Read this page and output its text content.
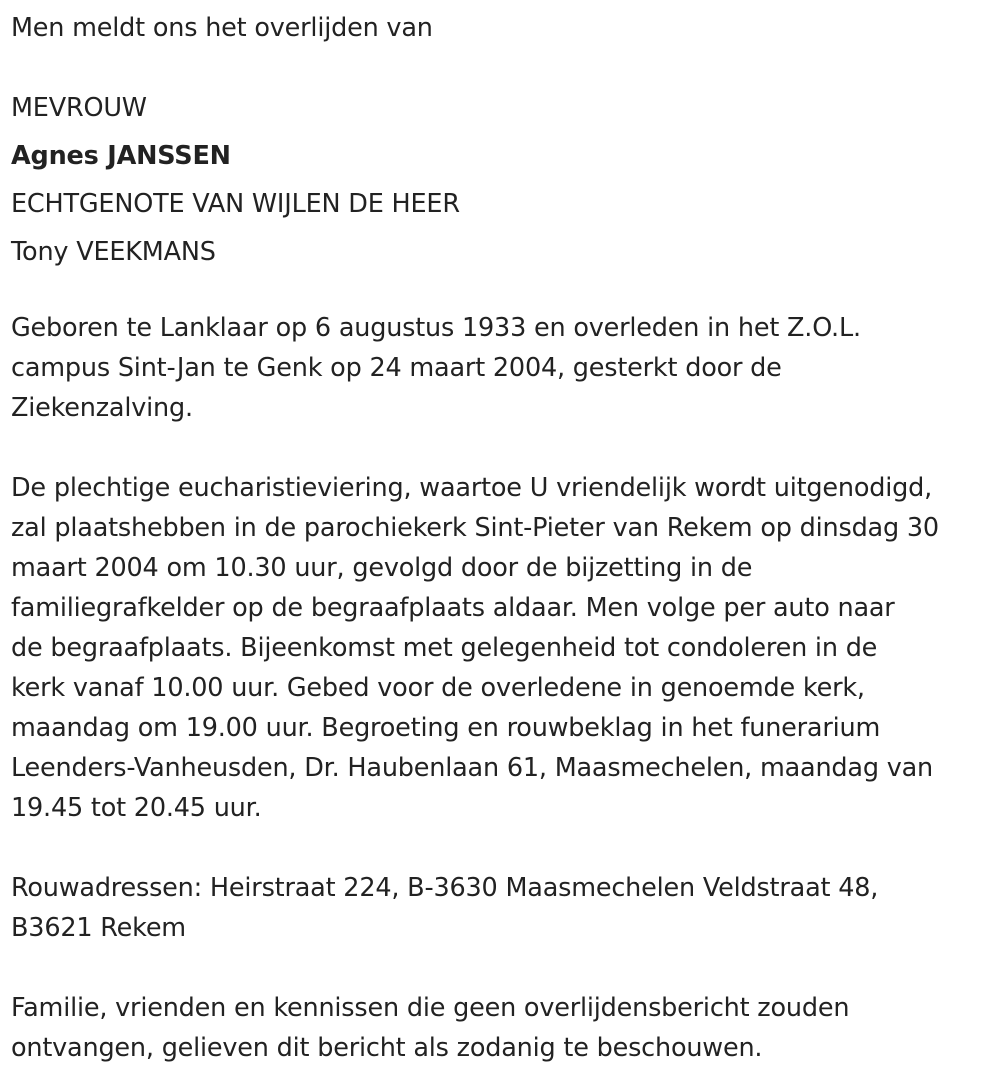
Men meldt ons het overlijden van
MEVROUW
Agnes JANSSEN
ECHTGENOTE VAN WIJLEN DE HEER
Tony VEEKMANS
Geboren te Lanklaar op 6 augustus 1933 en overleden in het Z.O.L.
campus Sint-Jan te Genk op 24 maart 2004, gesterkt door de
Ziekenzalving.
De plechtige eucharistieviering, waartoe U vriendelijk wordt uitgenodigd,
zal plaatshebben in de parochiekerk Sint-Pieter van Rekem op dinsdag 30
maart 2004 om 10.30 uur, gevolgd door de bijzetting in de
familiegrafkelder op de begraafplaats aldaar. Men volge per auto naar
de begraafplaats. Bijeenkomst met gelegenheid tot condoleren in de
kerk vanaf 10.00 uur. Gebed voor de overledene in genoemde kerk,
maandag om 19.00 uur. Begroeting en rouwbeklag in het funerarium
Leenders-Vanheusden, Dr. Haubenlaan 61, Maasmechelen, maandag van
19.45 tot 20.45 uur.
Rouwadressen: Heirstraat 224, B-3630 Maasmechelen Veldstraat 48,
B3621 Rekem
Familie, vrienden en kennissen die geen overlijdensbericht zouden
ontvangen, gelieven dit bericht als zodanig te beschouwen.
